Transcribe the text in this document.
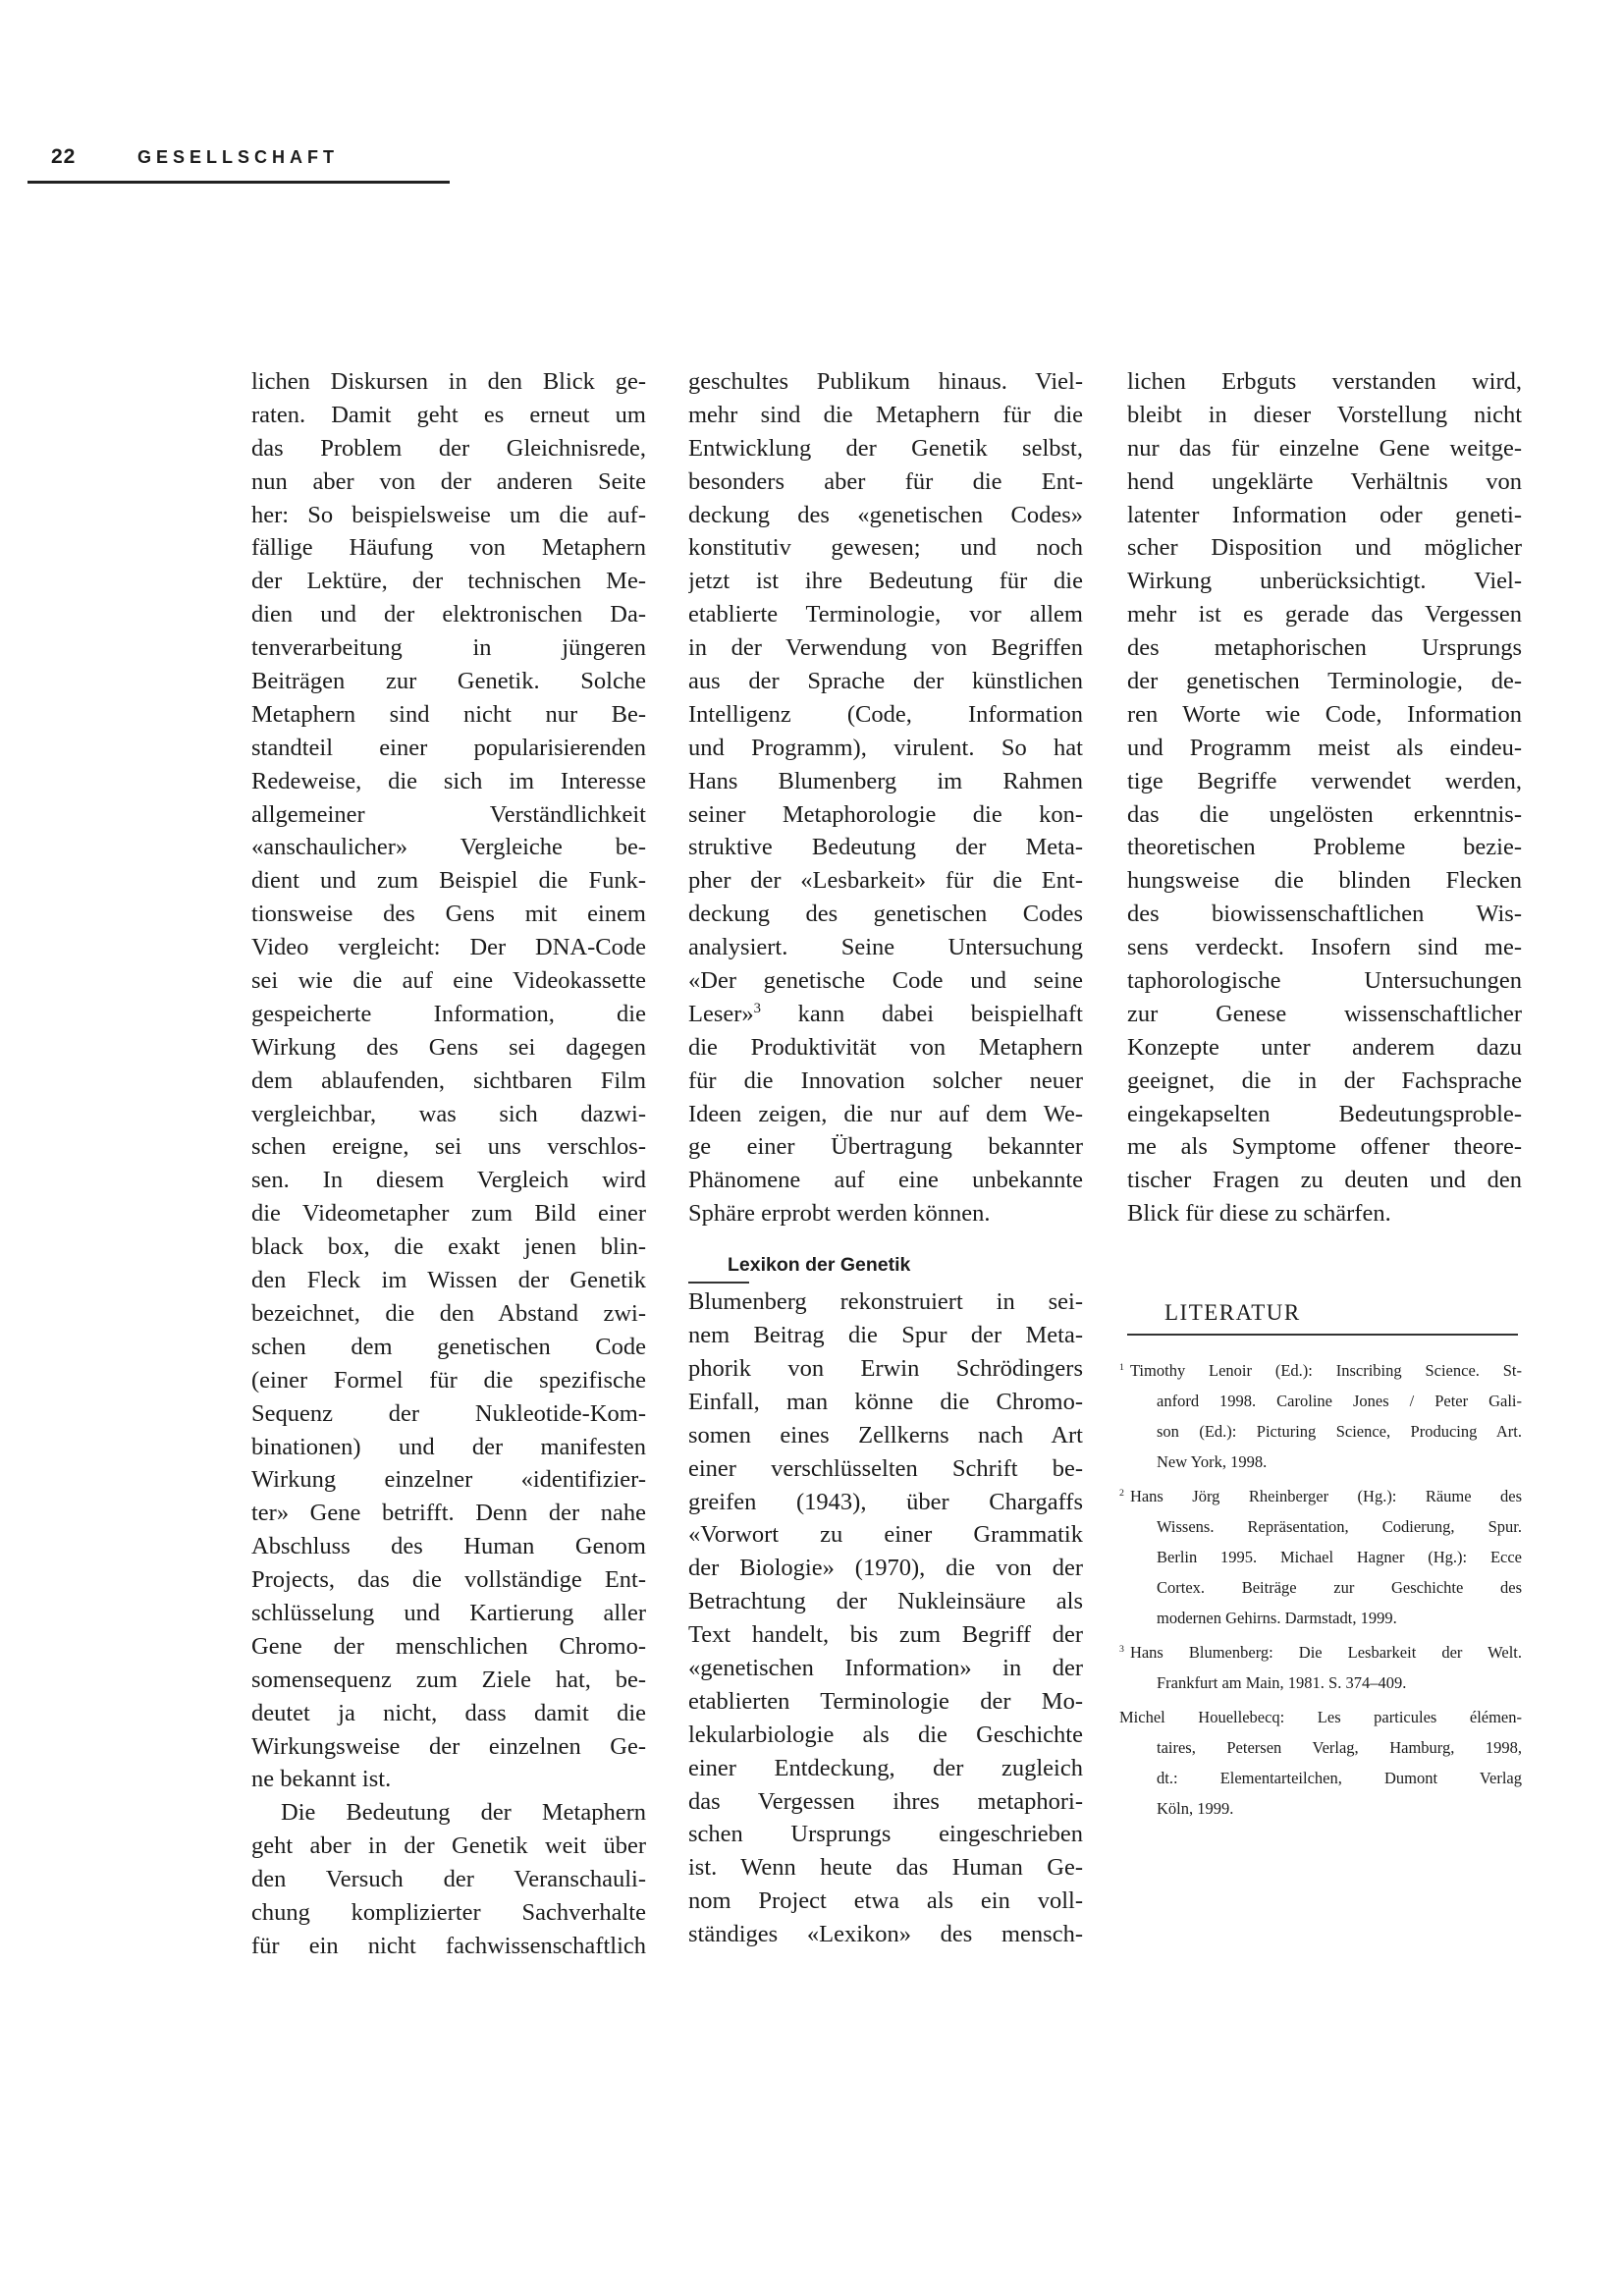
22	GESELLSCHAFT
lichen Diskursen in den Blick ge-
raten. Damit geht es erneut um
das Problem der Gleichnisrede,
nun aber von der anderen Seite
her: So beispielsweise um die auf-
fällige Häufung von Metaphern
der Lektüre, der technischen Me-
dien und der elektronischen Da-
tenverarbeitung in jüngeren
Beiträgen zur Genetik. Solche
Metaphern sind nicht nur Be-
standteil einer popularisierenden
Redeweise, die sich im Interesse
allgemeiner Verständlichkeit
«anschaulicher» Vergleiche be-
dient und zum Beispiel die Funk-
tionsweise des Gens mit einem
Video vergleicht: Der DNA-Code
sei wie die auf eine Videokassette
gespeicherte Information, die
Wirkung des Gens sei dagegen
dem ablaufenden, sichtbaren Film
vergleichbar, was sich dazwi-
schen ereigne, sei uns verschlos-
sen. In diesem Vergleich wird
die Videometapher zum Bild einer
black box, die exakt jenen blin-
den Fleck im Wissen der Genetik
bezeichnet, die den Abstand zwi-
schen dem genetischen Code
(einer Formel für die spezifische
Sequenz der Nukleotide-Kom-
binationen) und der manifesten
Wirkung einzelner «identifizier-
ter» Gene betrifft. Denn der nahe
Abschluss des Human Genom
Projects, das die vollständige Ent-
schlüsselung und Kartierung aller
Gene der menschlichen Chromo-
somensequenz zum Ziele hat, be-
deutet ja nicht, dass damit die
Wirkungsweise der einzelnen Ge-
ne bekannt ist.
Die Bedeutung der Metaphern
geht aber in der Genetik weit über
den Versuch der Veranschauli-
chung komplizierter Sachverhalte
für ein nicht fachwissenschaftlich
geschultes Publikum hinaus. Viel-
mehr sind die Metaphern für die
Entwicklung der Genetik selbst,
besonders aber für die Ent-
deckung des «genetischen Codes»
konstitutiv gewesen; und noch
jetzt ist ihre Bedeutung für die
etablierte Terminologie, vor allem
in der Verwendung von Begriffen
aus der Sprache der künstlichen
Intelligenz (Code, Information
und Programm), virulent. So hat
Hans Blumenberg im Rahmen
seiner Metaphorologie die kon-
struktive Bedeutung der Meta-
pher der «Lesbarkeit» für die Ent-
deckung des genetischen Codes
analysiert. Seine Untersuchung
«Der genetische Code und seine
Leser»$^3$ kann dabei beispielhaft
die Produktivität von Metaphern
für die Innovation solcher neuer
Ideen zeigen, die nur auf dem We-
ge einer Übertragung bekannter
Phänomene auf eine unbekannte
Sphäre erprobt werden können.
Lexikon der Genetik
Blumenberg rekonstruiert in sei-
nem Beitrag die Spur der Meta-
phorik von Erwin Schrödingers
Einfall, man könne die Chromo-
somen eines Zellkerns nach Art
einer verschlüsselten Schrift be-
greifen (1943), über Chargaffs
«Vorwort zu einer Grammatik
der Biologie» (1970), die von der
Betrachtung der Nukleinsäure als
Text handelt, bis zum Begriff der
«genetischen Information» in der
etablierten Terminologie der Mo-
lekularbiologie als die Geschichte
einer Entdeckung, der zugleich
das Vergessen ihres metaphori-
schen Ursprungs eingeschrieben
ist. Wenn heute das Human Ge-
nom Project etwa als ein voll-
ständiges «Lexikon» des mensch-
lichen Erbguts verstanden wird,
bleibt in dieser Vorstellung nicht
nur das für einzelne Gene weitge-
hend ungeklärte Verhältnis von
latenter Information oder geneti-
scher Disposition und möglicher
Wirkung unberücksichtigt. Viel-
mehr ist es gerade das Vergessen
des metaphorischen Ursprungs
der genetischen Terminologie, de-
ren Worte wie Code, Information
und Programm meist als eindeu-
tige Begriffe verwendet werden,
das die ungelösten erkenntnis-
theoretischen Probleme bezie-
hungsweise die blinden Flecken
des biowissenschaftlichen Wis-
sens verdeckt. Insofern sind me-
taphorologische Untersuchungen
zur Genese wissenschaftlicher
Konzepte unter anderem dazu
geeignet, die in der Fachsprache
eingekapselten Bedeutungsproble-
me als Symptome offener theore-
tischer Fragen zu deuten und den
Blick für diese zu schärfen.
LITERATUR
$^1$ Timothy Lenoir (Ed.): Inscribing Science. St-
anford 1998. Caroline Jones / Peter Gali-
son (Ed.): Picturing Science, Producing Art.
New York, 1998.
$^2$ Hans Jörg Rheinberger (Hg.): Räume des
Wissens. Repräsentation, Codierung, Spur.
Berlin 1995. Michael Hagner (Hg.): Ecce
Cortex. Beiträge zur Geschichte des
modernen Gehirns. Darmstadt, 1999.
$^3$ Hans Blumenberg: Die Lesbarkeit der Welt.
Frankfurt am Main, 1981. S. 374–409.
Michel Houellebecq: Les particules élémen-
taires, Petersen Verlag, Hamburg, 1998,
dt.: Elementarteilchen, Dumont Verlag
Köln, 1999.
